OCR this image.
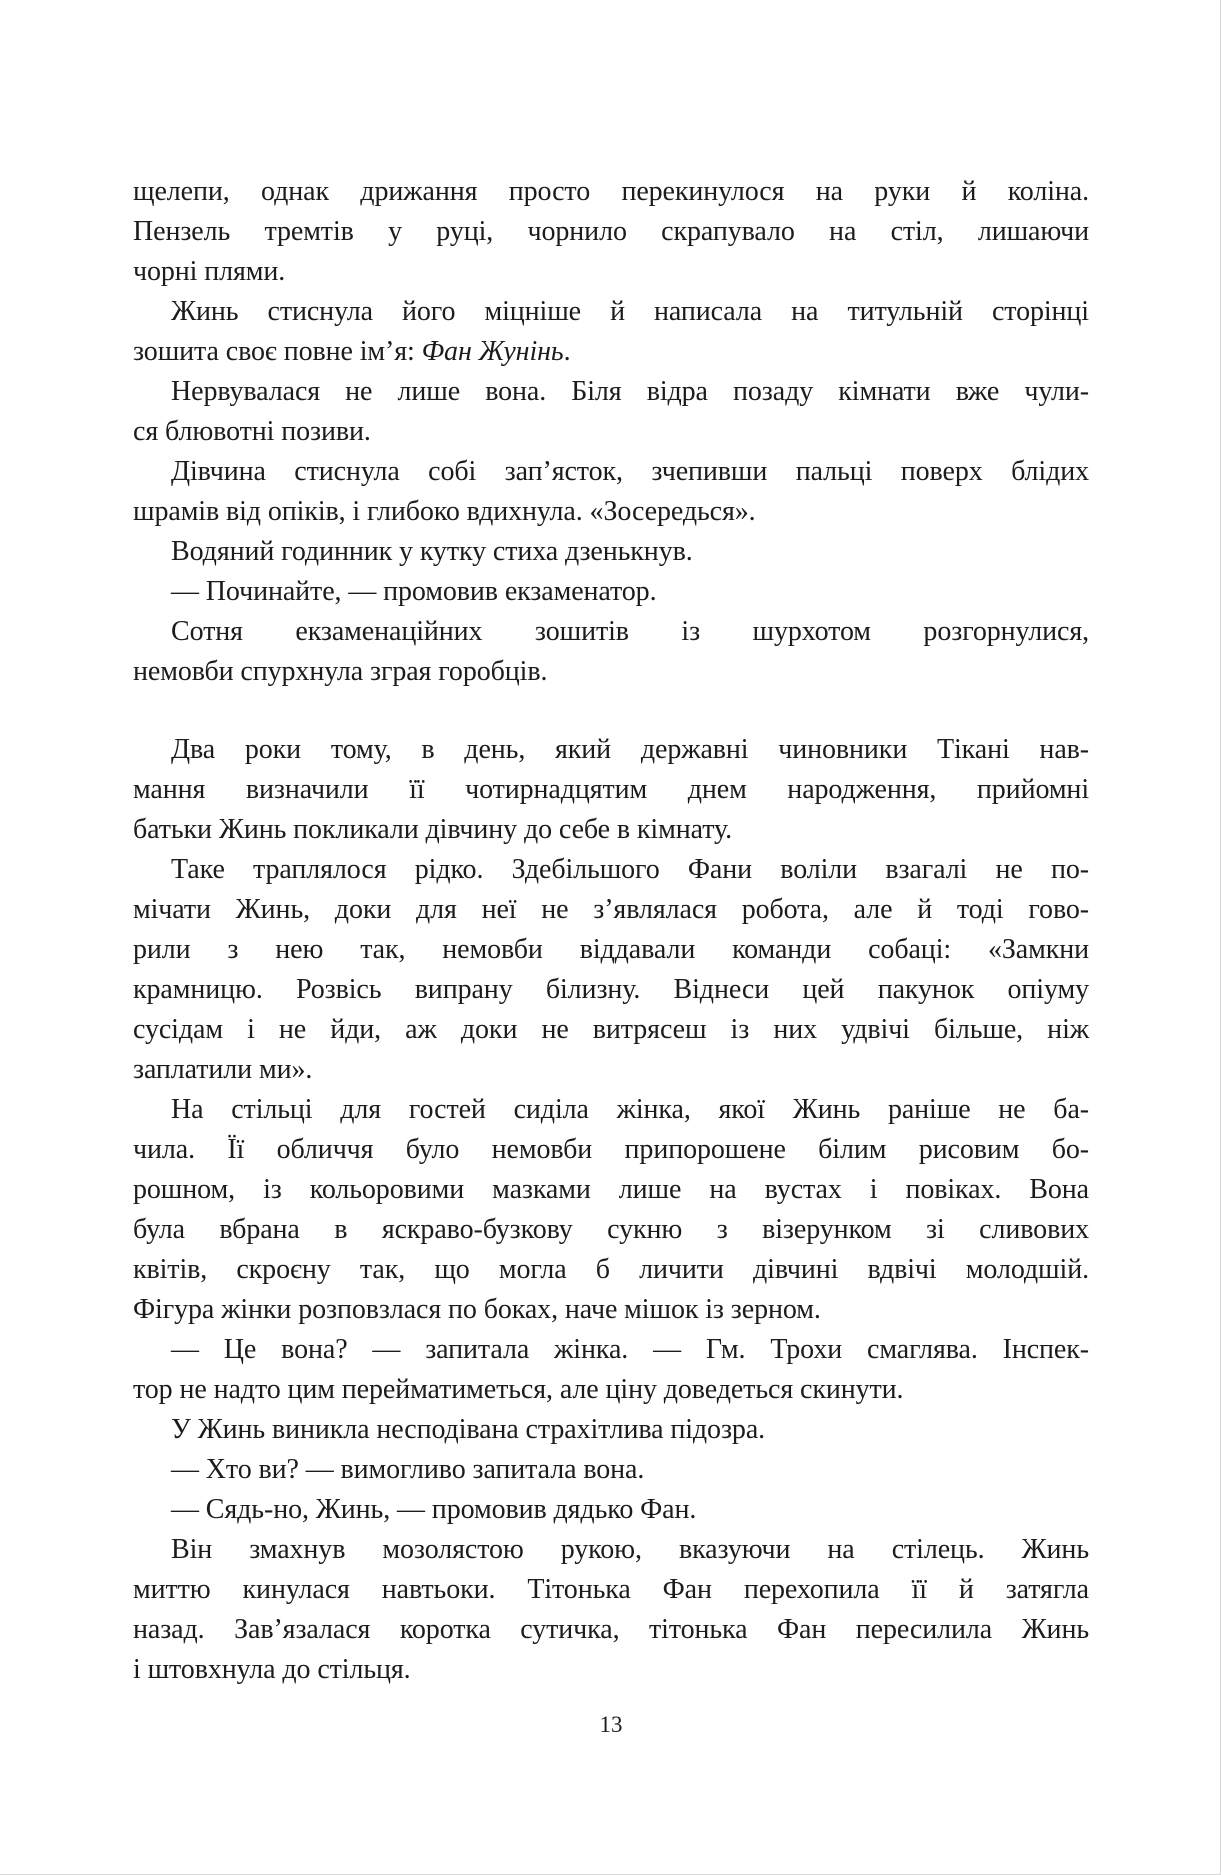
щелепи, однак дрижання просто перекинулося на руки й коліна.
Пензель тремтів у руці, чорнило скрапувало на стіл, лишаючи
чорні плями.
Жинь стиснула його міцніше й написала на титульній сторінці
зошита своє повне ім’я: Фан Жунінь.
Нервувалася не лише вона. Біля відра позаду кімнати вже чули-
ся блювотні позиви.
Дівчина стиснула собі зап’ясток, зчепивши пальці поверх блідих
шрамів від опіків, і глибоко вдихнула. «Зосередься».
Водяний годинник у кутку стиха дзенькнув.
— Починайте, — промовив екзаменатор.
Сотня екзаменаційних зошитів із шурхотом розгорнулися,
немовби спурхнула зграя горобців.
Два роки тому, в день, який державні чиновники Тікані нав-
мання визначили її чотирнадцятим днем народження, прийомні
батьки Жинь покликали дівчину до себе в кімнату.
Таке траплялося рідко. Здебільшого Фани воліли взагалі не по-
мічати Жинь, доки для неї не з’являлася робота, але й тоді гово-
рили з нею так, немовби віддавали команди собаці: «Замкни
крамницю. Розвісь випрану білизну. Віднеси цей пакунок опіуму
сусідам і не йди, аж доки не витрясеш із них удвічі більше, ніж
заплатили ми».
На стільці для гостей сиділа жінка, якої Жинь раніше не ба-
чила. Її обличчя було немовби припорошене білим рисовим бо-
рошном, із кольоровими мазками лише на вустах і повіках. Вона
була вбрана в яскраво-бузкову сукню з візерунком зі сливових
квітів, скроєну так, що могла б личити дівчині вдвічі молодшій.
Фігура жінки розповзлася по боках, наче мішок із зерном.
— Це вона? — запитала жінка. — Гм. Трохи смаглява. Інспек-
тор не надто цим перейматиметься, але ціну доведеться скинути.
У Жинь виникла несподівана страхітлива підозра.
— Хто ви? — вимогливо запитала вона.
— Сядь-но, Жинь, — промовив дядько Фан.
Він змахнув мозолястою рукою, вказуючи на стілець. Жинь
миттю кинулася навтьоки. Тітонька Фан перехопила її й затягла
назад. Зав’язалася коротка сутичка, тітонька Фан пересилила Жинь
і штовхнула до стільця.
13
